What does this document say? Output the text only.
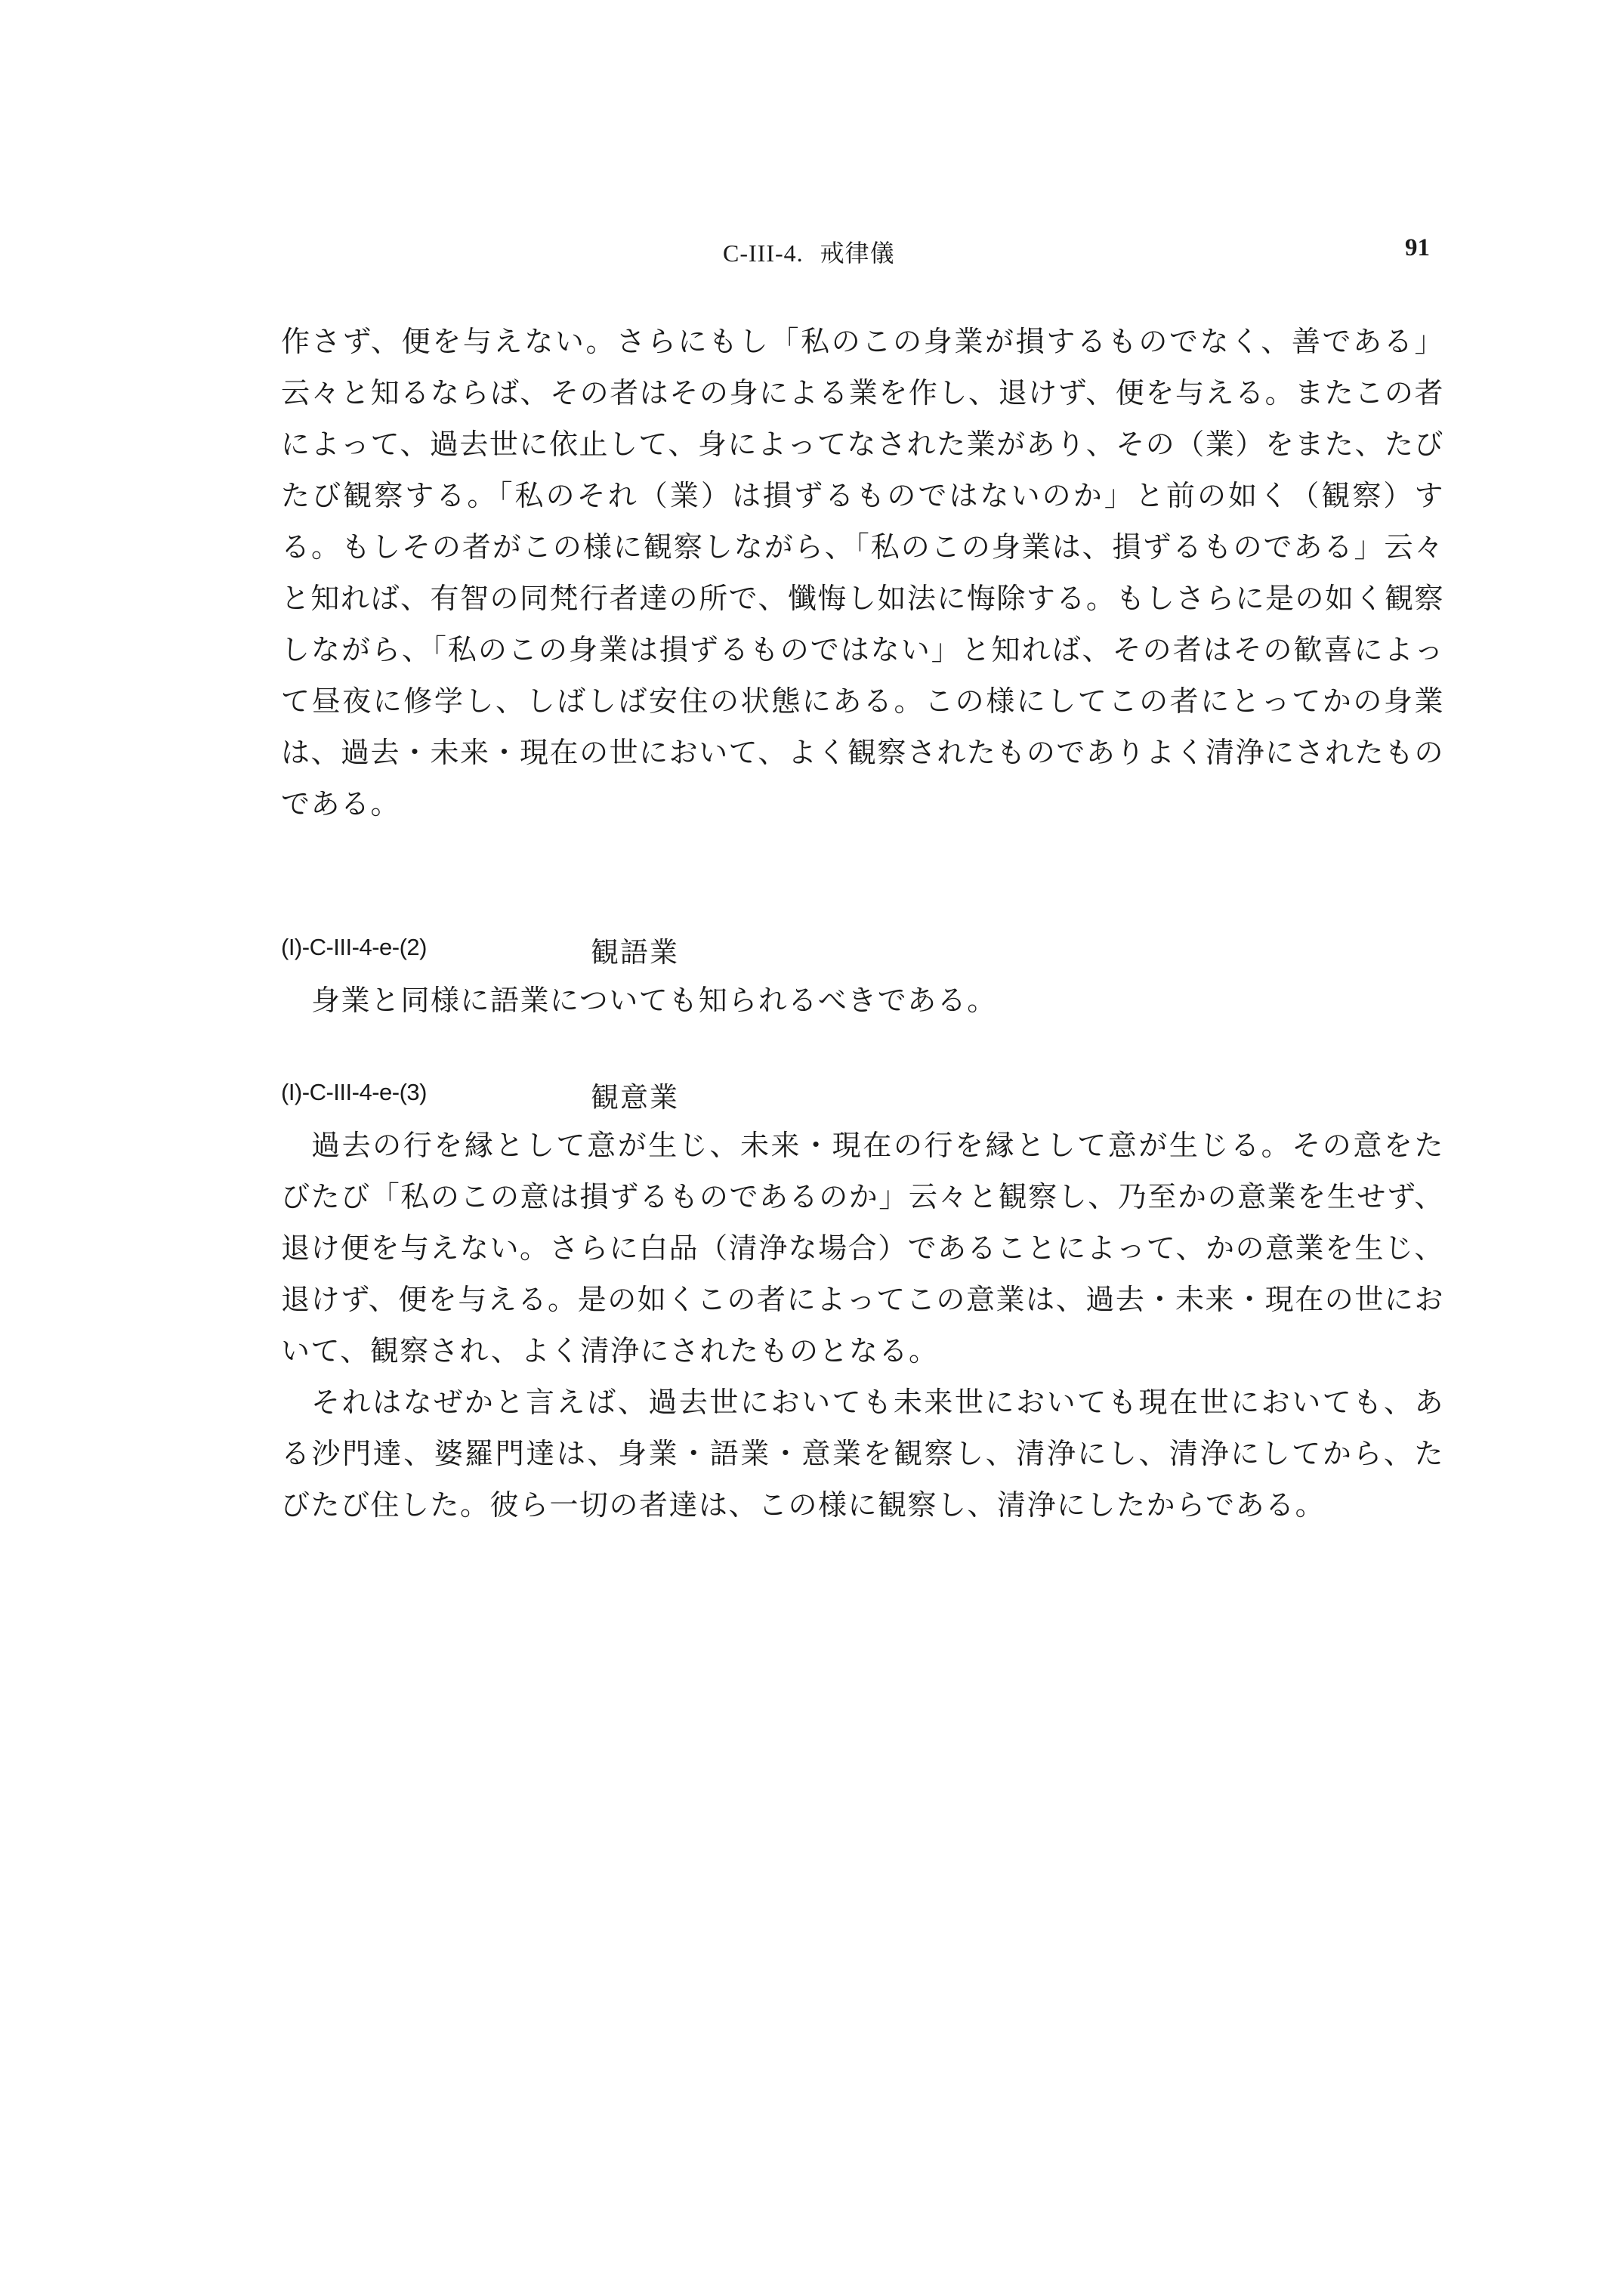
C-III-4. 戒律儀	91

作さず、便を与えない。さらにもし「私のこの身業が損するものでなく、善である」云々と知るならば、その者はその身による業を作し、退けず、便を与える。またこの者によって、過去世に依止して、身によってなされた業があり、その（業）をまた、たびたび観察する。「私のそれ（業）は損ずるものではないのか」と前の如く（観察）する。もしその者がこの様に観察しながら、「私のこの身業は、損ずるものである」云々と知れば、有智の同梵行者達の所で、懺悔し如法に悔除する。もしさらに是の如く観察しながら、「私のこの身業は損ずるものではない」と知れば、その者はその歓喜によって昼夜に修学し、しばしば安住の状態にある。この様にしてこの者にとってかの身業は、過去・未来・現在の世において、よく観察されたものでありよく清浄にされたものである。

(I)-C-III-4-e-(2)	観語業

身業と同様に語業についても知られるべきである。

(I)-C-III-4-e-(3)	観意業

過去の行を縁として意が生じ、未来・現在の行を縁として意が生じる。その意をたびたび「私のこの意は損ずるものであるのか」云々と観察し、乃至かの意業を生せず、退け便を与えない。さらに白品（清浄な場合）であることによって、かの意業を生じ、退けず、便を与える。是の如くこの者によってこの意業は、過去・未来・現在の世において、観察され、よく清浄にされたものとなる。

それはなぜかと言えば、過去世においても未来世においても現在世においても、ある沙門達、婆羅門達は、身業・語業・意業を観察し、清浄にし、清浄にしてから、たびたび住した。彼ら一切の者達は、この様に観察し、清浄にしたからである。
